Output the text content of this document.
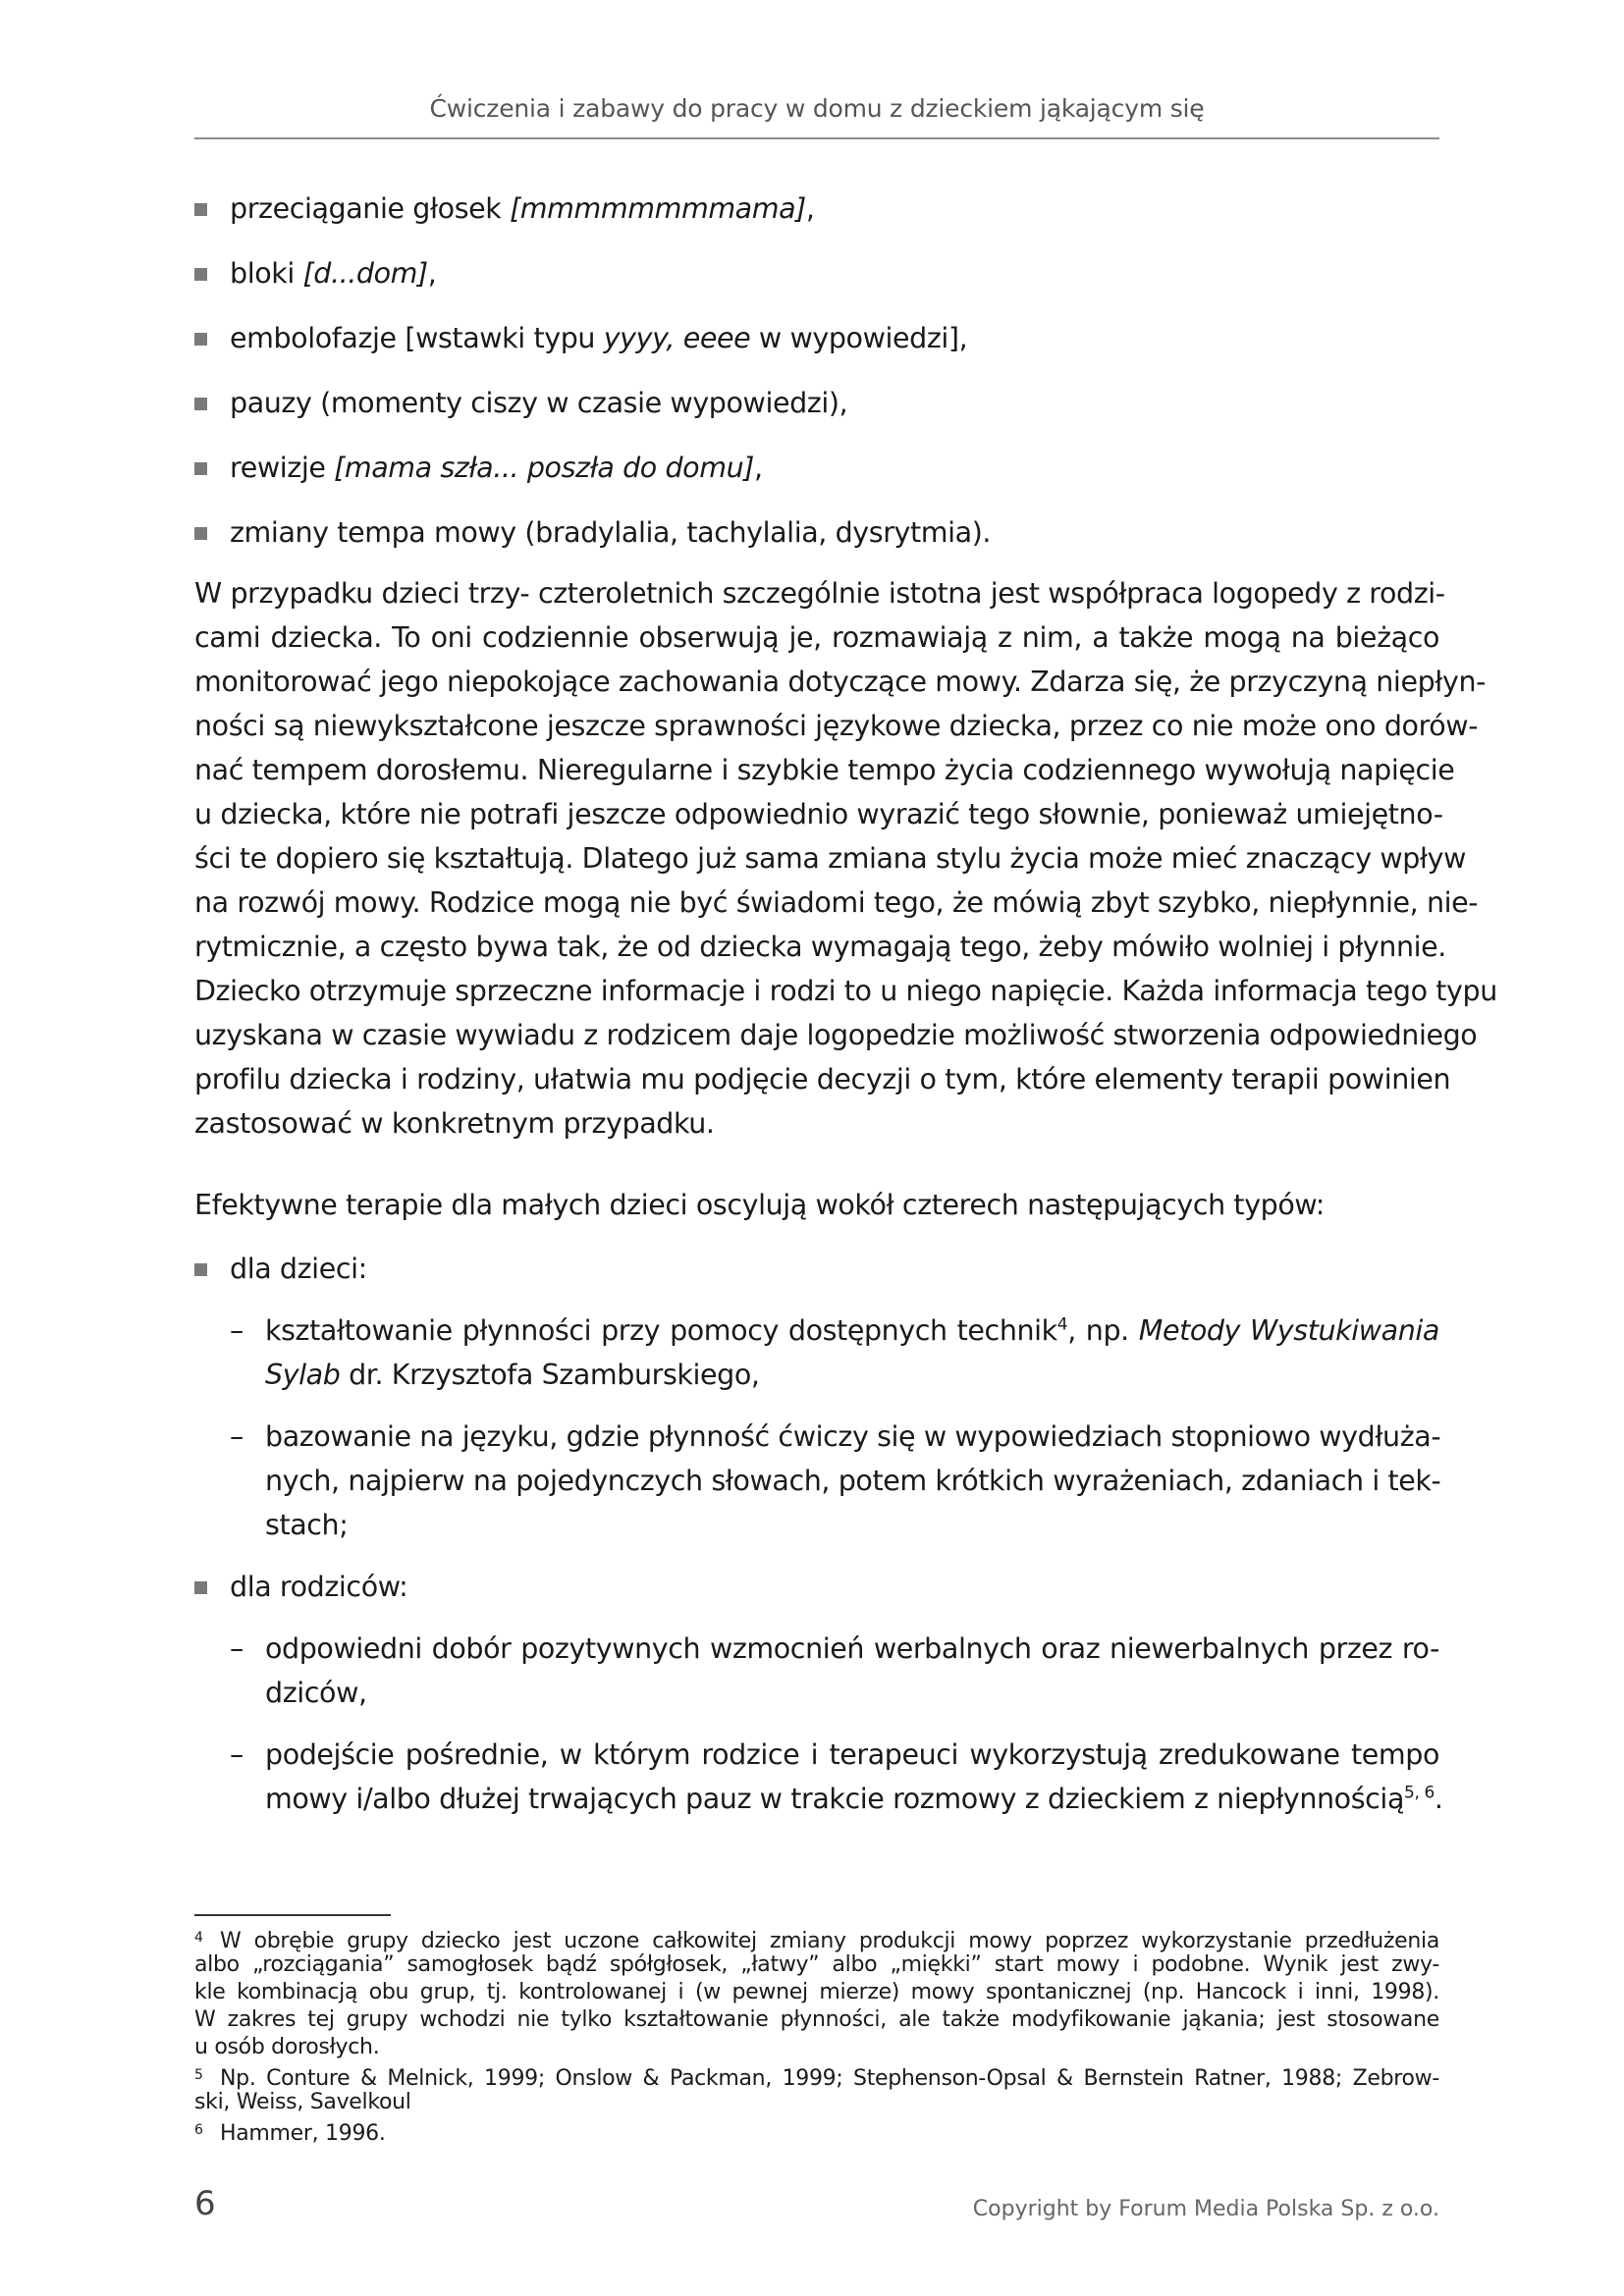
Ćwiczenia i zabawy do pracy w domu z dzieckiem jąkającym się
przeciąganie głosek [mmmmmmmmama],
bloki [d...dom],
embolofazje [wstawki typu yyyy, eeee w wypowiedzi],
pauzy (momenty ciszy w czasie wypowiedzi),
rewizje [mama szła... poszła do domu],
zmiany tempa mowy (bradylalia, tachylalia, dysrytmia).
W przypadku dzieci trzy- czteroletnich szczególnie istotna jest współpraca logopedy z rodzi-
cami dziecka. To oni codziennie obserwują je, rozmawiają z nim, a także mogą na bieżąco
monitorować jego niepokojące zachowania dotyczące mowy. Zdarza się, że przyczyną niepłyn-
ności są niewykształcone jeszcze sprawności językowe dziecka, przez co nie może ono dorów-
nać tempem dorosłemu. Nieregularne i szybkie tempo życia codziennego wywołują napięcie
u dziecka, które nie potrafi jeszcze odpowiednio wyrazić tego słownie, ponieważ umiejętno-
ści te dopiero się kształtują. Dlatego już sama zmiana stylu życia może mieć znaczący wpływ
na rozwój mowy. Rodzice mogą nie być świadomi tego, że mówią zbyt szybko, niepłynnie, nie-
rytmicznie, a często bywa tak, że od dziecka wymagają tego, żeby mówiło wolniej i płynnie.
Dziecko otrzymuje sprzeczne informacje i rodzi to u niego napięcie. Każda informacja tego typu
uzyskana w czasie wywiadu z rodzicem daje logopedzie możliwość stworzenia odpowiedniego
profilu dziecka i rodziny, ułatwia mu podjęcie decyzji o tym, które elementy terapii powinien
zastosować w konkretnym przypadku.
Efektywne terapie dla małych dzieci oscylują wokół czterech następujących typów:
dla dzieci:
– kształtowanie płynności przy pomocy dostępnych technik$^4$, np. Metody Wystukiwania
Sylab dr. Krzysztofa Szamburskiego,
– bazowanie na języku, gdzie płynność ćwiczy się w wypowiedziach stopniowo wydłuża-
nych, najpierw na pojedynczych słowach, potem krótkich wyrażeniach, zdaniach i tek-
stach;
dla rodziców:
– odpowiedni dobór pozytywnych wzmocnień werbalnych oraz niewerbalnych przez ro-
dziców,
– podejście pośrednie, w którym rodzice i terapeuci wykorzystują zredukowane tempo
mowy i/albo dłużej trwających pauz w trakcie rozmowy z dzieckiem z niepłynnością$^{5, 6}$.
4 W obrębie grupy dziecko jest uczone całkowitej zmiany produkcji mowy poprzez wykorzystanie przedłużenia
albo „rozciągania” samogłosek bądź spółgłosek, „łatwy” albo „miękki” start mowy i podobne. Wynik jest zwy-
kle kombinacją obu grup, tj. kontrolowanej i (w pewnej mierze) mowy spontanicznej (np. Hancock i inni, 1998).
W zakres tej grupy wchodzi nie tylko kształtowanie płynności, ale także modyfikowanie jąkania; jest stosowane
u osób dorosłych.
5 Np. Conture & Melnick, 1999; Onslow & Packman, 1999; Stephenson-Opsal & Bernstein Ratner, 1988; Zebrow-
ski, Weiss, Savelkoul
6 Hammer, 1996.
6	Copyright by Forum Media Polska Sp. z o.o.
